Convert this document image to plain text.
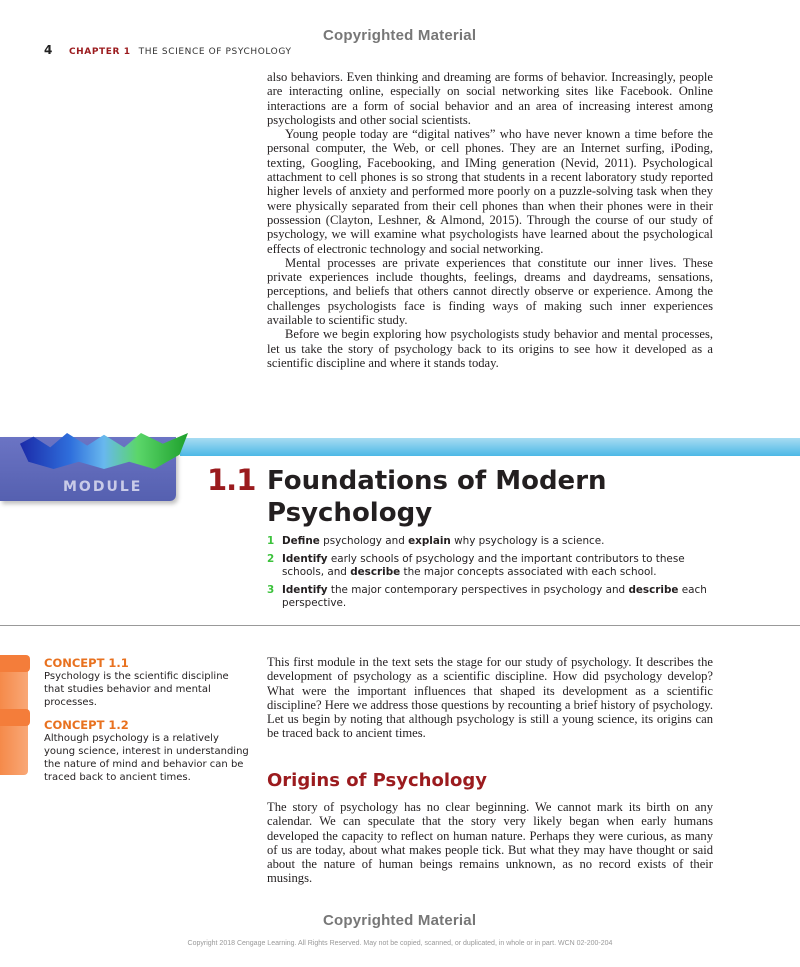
Copyrighted Material
4 CHAPTER 1 THE SCIENCE OF PSYCHOLOGY

also behaviors. Even thinking and dreaming are forms of behavior. Increasingly, people are interacting online, especially on social networking sites like Facebook. Online interactions are a form of social behavior and an area of increasing interest among psychologists and other social scientists.

Young people today are “digital natives” who have never known a time before the personal computer, the Web, or cell phones. They are an Internet surfing, iPoding, texting, Googling, Facebooking, and IMing generation (Nevid, 2011). Psychological attachment to cell phones is so strong that students in a recent laboratory study reported higher levels of anxiety and performed more poorly on a puzzle-solving task when they were physically separated from their cell phones than when their phones were in their possession (Clayton, Leshner, & Almond, 2015). Through the course of our study of psychology, we will examine what psychologists have learned about the psychological effects of electronic technology and social networking.

Mental processes are private experiences that constitute our inner lives. These private experiences include thoughts, feelings, dreams and daydreams, sensations, perceptions, and beliefs that others cannot directly observe or experience. Among the challenges psychologists face is finding ways of making such inner experiences available to scientific study.

Before we begin exploring how psychologists study behavior and mental processes, let us take the story of psychology back to its origins to see how it developed as a scientific discipline and where it stands today.

MODULE 1.1 Foundations of Modern Psychology
1 Define psychology and explain why psychology is a science.
2 Identify early schools of psychology and the important contributors to these schools, and describe the major concepts associated with each school.
3 Identify the major contemporary perspectives in psychology and describe each perspective.
CONCEPT 1.1

Psychology is the scientific discipline that studies behavior and mental processes.

CONCEPT 1.2

Although psychology is a relatively young science, interest in understanding the nature of mind and behavior can be traced back to ancient times.

This first module in the text sets the stage for our study of psychology. It describes the development of psychology as a scientific discipline. How did psychology develop? What were the important influences that shaped its development as a scientific discipline? Here we address those questions by recounting a brief history of psychology. Let us begin by noting that although psychology is still a young science, its origins can be traced back to ancient times.

Origins of Psychology

The story of psychology has no clear beginning. We cannot mark its birth on any calendar. We can speculate that the story very likely began when early humans developed the capacity to reflect on human nature. Perhaps they were curious, as many of us are today, about what makes people tick. But what they may have thought or said about the nature of human beings remains unknown, as no record exists of their musings.

Copyrighted Material
Copyright 2018 Cengage Learning. All Rights Reserved. May not be copied, scanned, or duplicated, in whole or in part. WCN 02-200-204
